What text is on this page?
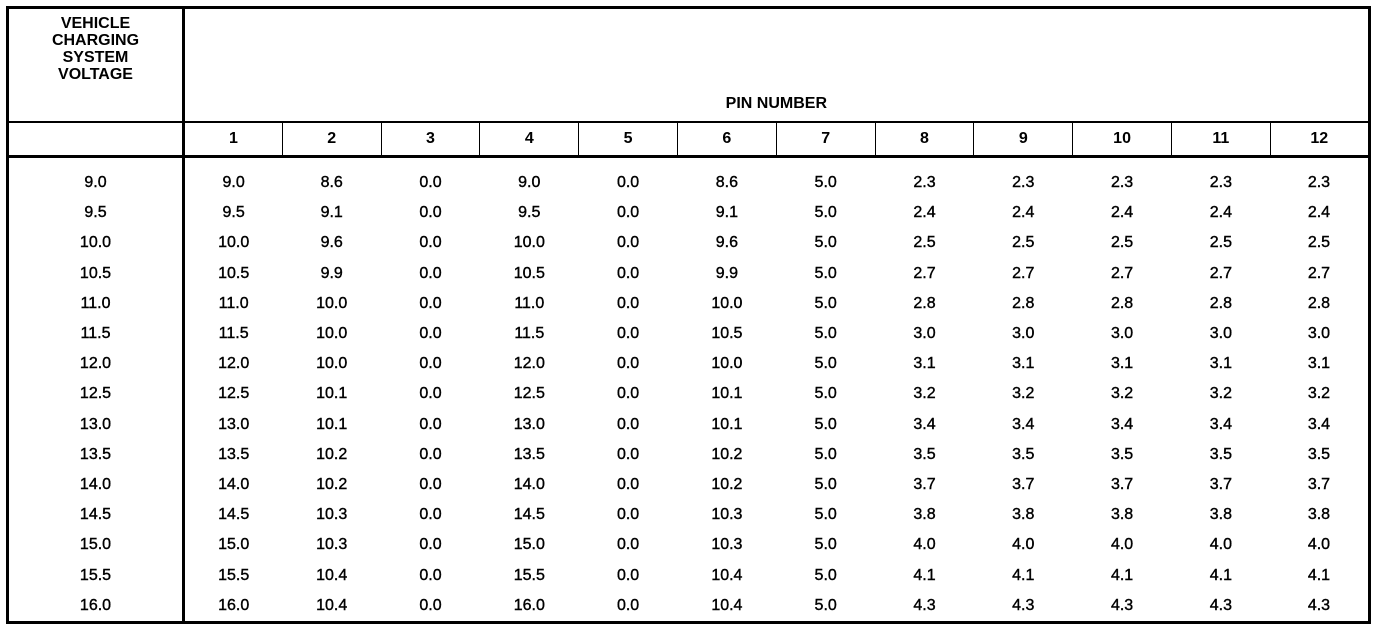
VEHICLE
CHARGING
SYSTEM
VOLTAGE	PIN NUMBER											
	1	2	3	4	5	6	7	8	9	10	11	12
9.0	9.0	8.6	0.0	9.0	0.0	8.6	5.0	2.3	2.3	2.3	2.3	2.3
9.5	9.5	9.1	0.0	9.5	0.0	9.1	5.0	2.4	2.4	2.4	2.4	2.4
10.0	10.0	9.6	0.0	10.0	0.0	9.6	5.0	2.5	2.5	2.5	2.5	2.5
10.5	10.5	9.9	0.0	10.5	0.0	9.9	5.0	2.7	2.7	2.7	2.7	2.7
11.0	11.0	10.0	0.0	11.0	0.0	10.0	5.0	2.8	2.8	2.8	2.8	2.8
11.5	11.5	10.0	0.0	11.5	0.0	10.5	5.0	3.0	3.0	3.0	3.0	3.0
12.0	12.0	10.0	0.0	12.0	0.0	10.0	5.0	3.1	3.1	3.1	3.1	3.1
12.5	12.5	10.1	0.0	12.5	0.0	10.1	5.0	3.2	3.2	3.2	3.2	3.2
13.0	13.0	10.1	0.0	13.0	0.0	10.1	5.0	3.4	3.4	3.4	3.4	3.4
13.5	13.5	10.2	0.0	13.5	0.0	10.2	5.0	3.5	3.5	3.5	3.5	3.5
14.0	14.0	10.2	0.0	14.0	0.0	10.2	5.0	3.7	3.7	3.7	3.7	3.7
14.5	14.5	10.3	0.0	14.5	0.0	10.3	5.0	3.8	3.8	3.8	3.8	3.8
15.0	15.0	10.3	0.0	15.0	0.0	10.3	5.0	4.0	4.0	4.0	4.0	4.0
15.5	15.5	10.4	0.0	15.5	0.0	10.4	5.0	4.1	4.1	4.1	4.1	4.1
16.0	16.0	10.4	0.0	16.0	0.0	10.4	5.0	4.3	4.3	4.3	4.3	4.3
